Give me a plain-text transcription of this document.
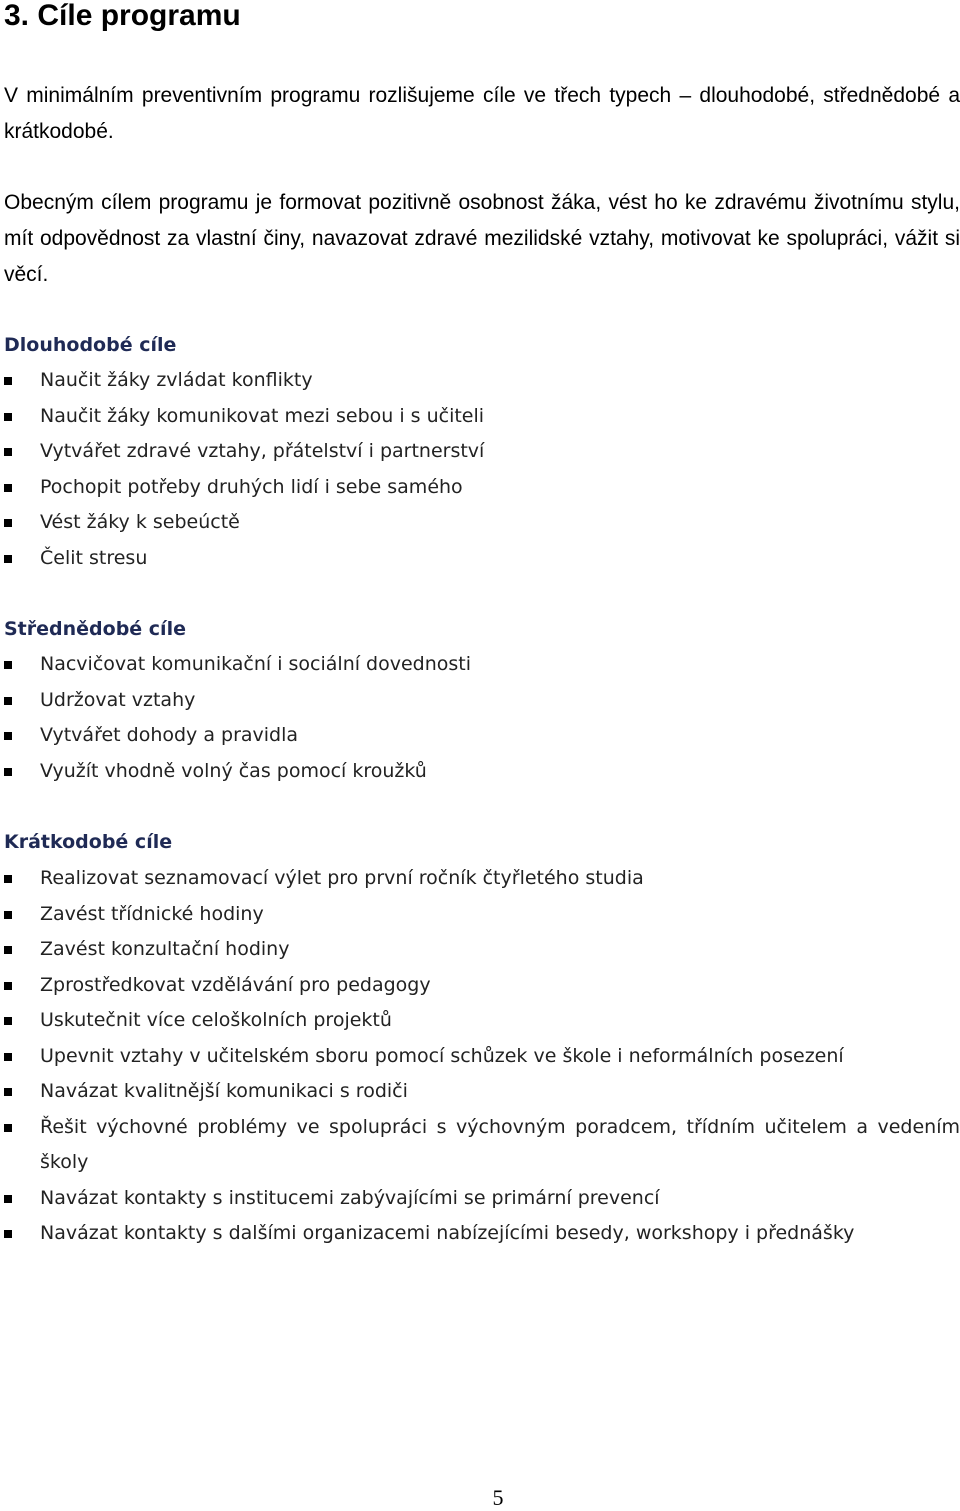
3. Cíle programu

V minimálním preventivním programu rozlišujeme cíle ve třech typech – dlouhodobé, střednědobé a krátkodobé.

Obecným cílem programu je formovat pozitivně osobnost žáka, vést ho ke zdravému životnímu stylu, mít odpovědnost za vlastní činy, navazovat zdravé mezilidské vztahy, motivovat ke spolupráci, vážit si věcí.

Dlouhodobé cíle
Naučit žáky zvládat konflikty
Naučit žáky komunikovat mezi sebou i s učiteli
Vytvářet zdravé vztahy, přátelství i partnerství
Pochopit potřeby druhých lidí i sebe samého
Vést žáky k sebeúctě
Čelit stresu
Střednědobé cíle
Nacvičovat komunikační i sociální dovednosti
Udržovat vztahy
Vytvářet dohody a pravidla
Využít vhodně volný čas pomocí kroužků
Krátkodobé cíle
Realizovat seznamovací výlet pro první ročník čtyřletého studia
Zavést třídnické hodiny
Zavést konzultační hodiny
Zprostředkovat vzdělávání pro pedagogy
Uskutečnit více celoškolních projektů
Upevnit vztahy v učitelském sboru pomocí schůzek ve škole i neformálních posezení
Navázat kvalitnější komunikaci s rodiči
Řešit výchovné problémy ve spolupráci s výchovným poradcem, třídním učitelem a vedením školy
Navázat kontakty s institucemi zabývajícími se primární prevencí
Navázat kontakty s dalšími organizacemi nabízejícími besedy, workshopy i přednášky
5
